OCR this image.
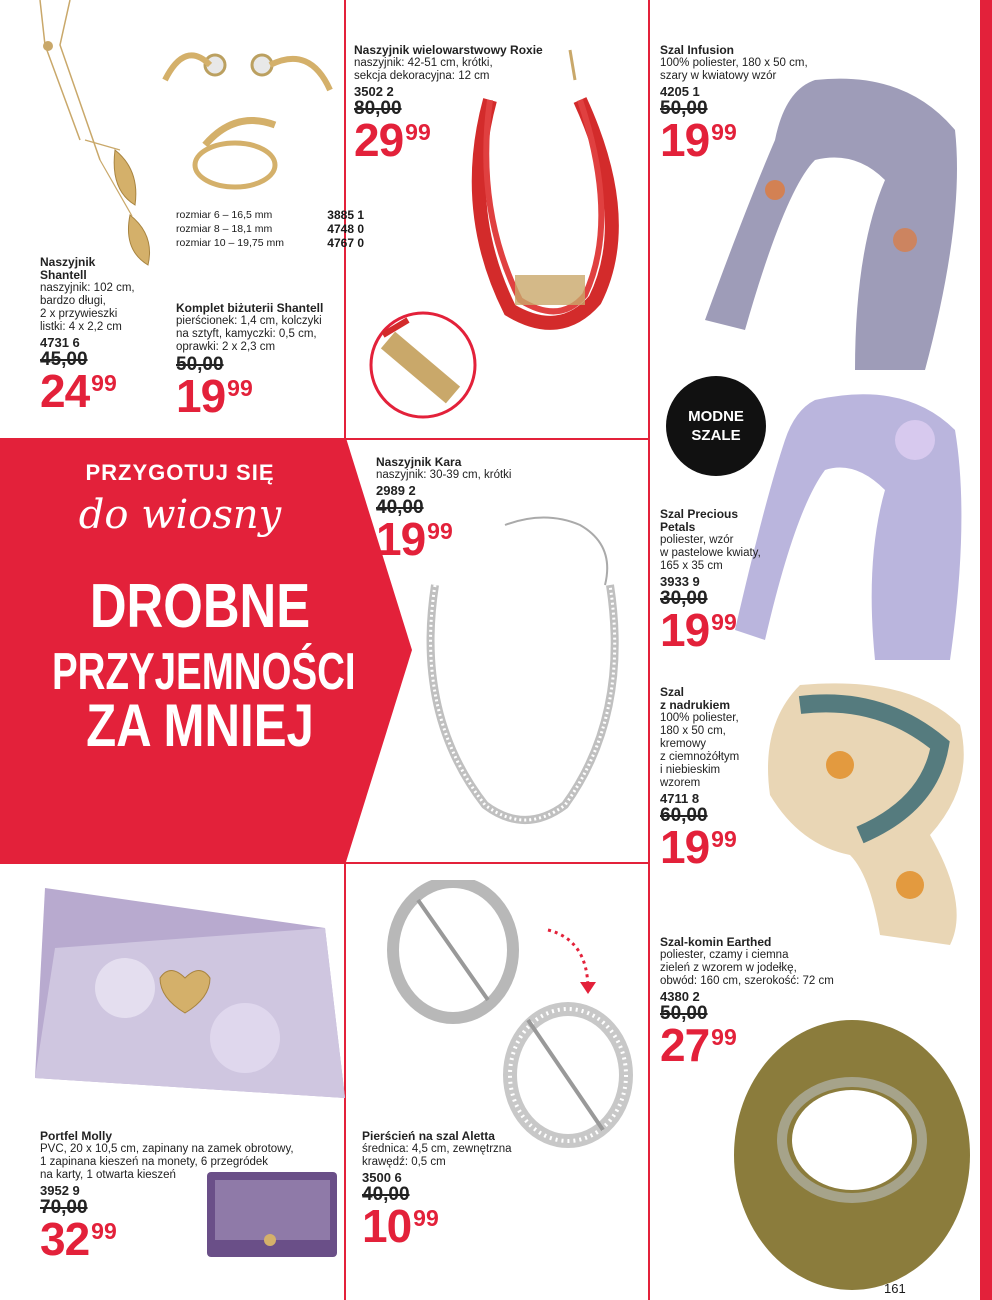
PRZYGOTUJ SIĘ
do wiosny
DROBNE
PRZYJEMNOŚCI
ZA MNIEJ
MODNE
SZALE
Naszyjnik
Shantell
naszyjnik: 102 cm,
bardzo długi,
2 x przywieszki
listki: 4 x 2,2 cm
4731 6
45,00
24 99
rozmiar 6 – 16,5 mm	3885 1
rozmiar 8 – 18,1 mm	4748 0
rozmiar 10 – 19,75 mm	4767 0
Komplet biżuterii Shantell
pierścionek: 1,4 cm, kolczyki
na sztyft, kamyczki: 0,5 cm,
oprawki: 2 x 2,3 cm
50,00
19 99
Naszyjnik wielowarstwowy Roxie
naszyjnik: 42-51 cm, krótki,
sekcja dekoracyjna: 12 cm
3502 2
80,00
29 99
Szal Infusion
100% poliester, 180 x 50 cm,
szary w kwiatowy wzór
4205 1
50,00
19 99
Naszyjnik Kara
naszyjnik: 30-39 cm, krótki
2989 2
40,00
19 99
Szal Precious
Petals
poliester, wzór
w pastelowe kwiaty,
165 x 35 cm
3933 9
30,00
19 99
Szal
z nadrukiem
100% poliester,
180 x 50 cm,
kremowy
z ciemnożółtym
i niebieskim
wzorem
4711 8
60,00
19 99
Szal-komin Earthed
poliester, czamy i ciemna
zieleń z wzorem w jodełkę,
obwód: 160 cm, szerokość: 72 cm
4380 2
50,00
27 99
Portfel Molly
PVC, 20 x 10,5 cm, zapinany na zamek obrotowy,
1 zapinana kieszeń na monety, 6 przegródek
na karty, 1 otwarta kieszeń
3952 9
70,00
32 99
Pierścień na szal Aletta
średnica: 4,5 cm, zewnętrzna
krawędź: 0,5 cm
3500 6
40,00
10 99
161
